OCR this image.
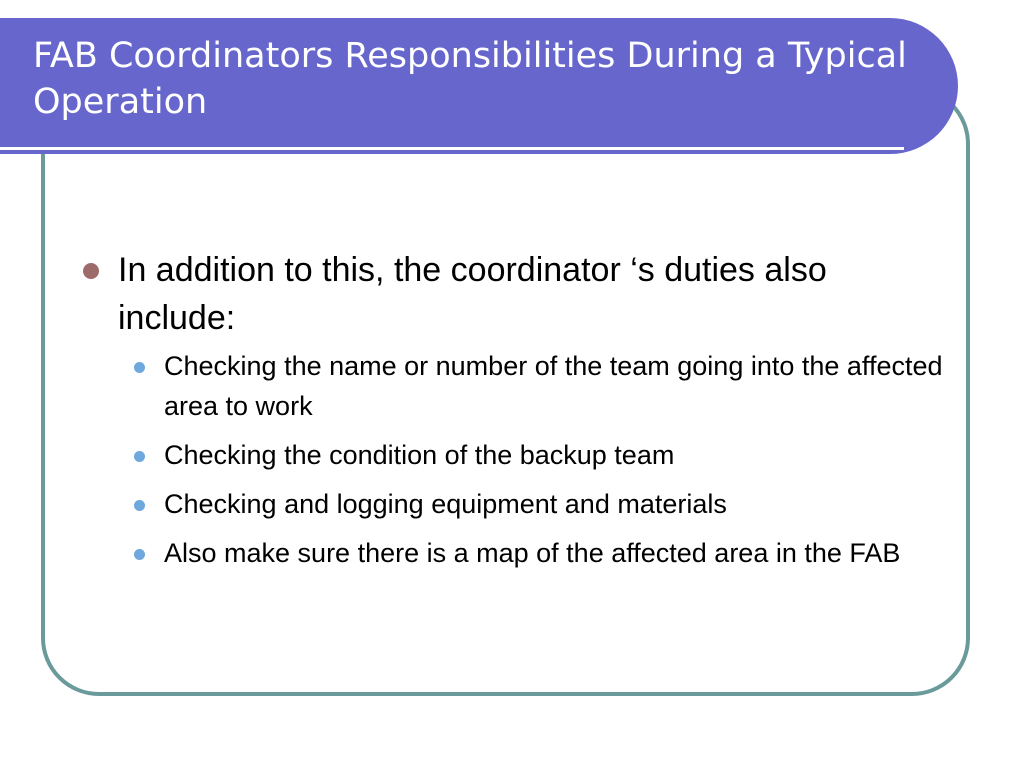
FAB Coordinators Responsibilities During a Typical Operation
In addition to this, the coordinator ‘s duties also include:
Checking the name or number of the team going into the affected area to work
Checking the condition of the backup team
Checking and logging equipment and materials
Also make sure there is a map of the affected area in the FAB
